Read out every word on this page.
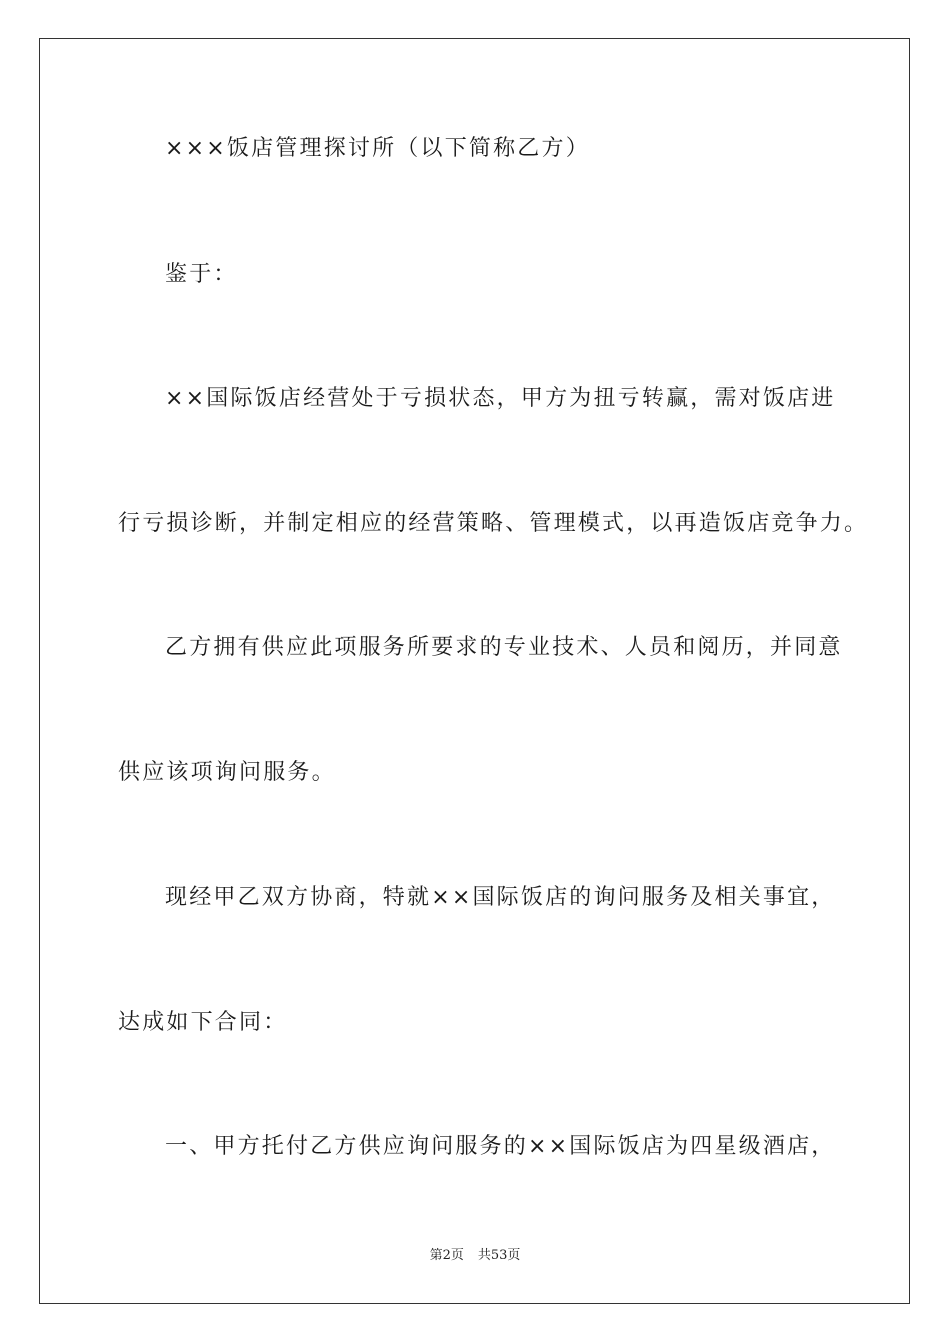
×××饭店管理探讨所（以下简称乙方）
鉴于：
××国际饭店经营处于亏损状态，甲方为扭亏转赢，需对饭店进
行亏损诊断，并制定相应的经营策略、管理模式，以再造饭店竞争力。
乙方拥有供应此项服务所要求的专业技术、人员和阅历，并同意
供应该项询问服务。
现经甲乙双方协商，特就××国际饭店的询问服务及相关事宜，
达成如下合同：
一、甲方托付乙方供应询问服务的××国际饭店为四星级酒店，
第2页 共53页
